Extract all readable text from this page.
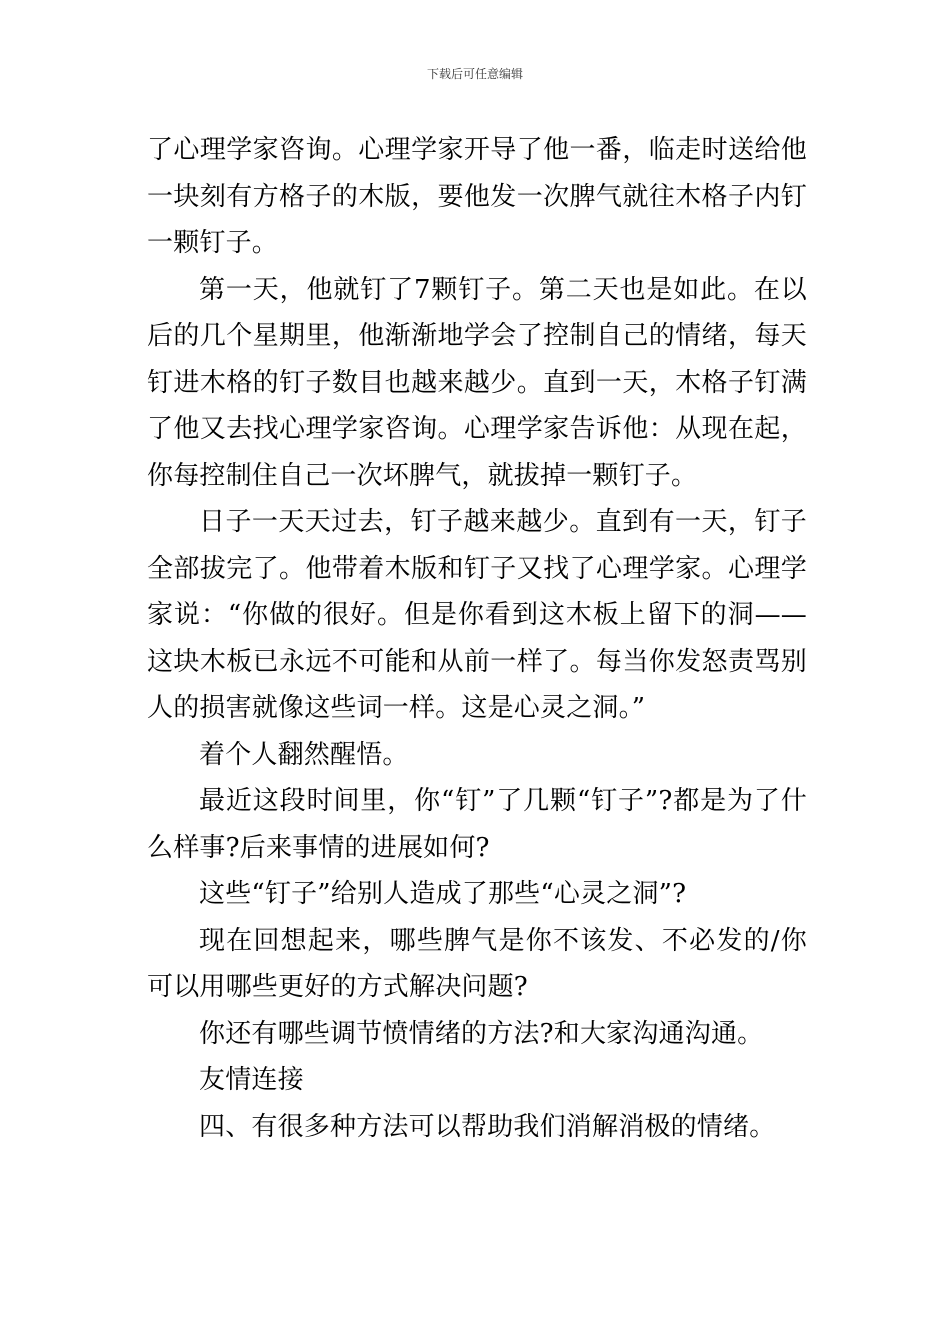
下载后可任意编辑

了心理学家咨询。心理学家开导了他一番，临走时送给他一块刻有方格子的木版，要他发一次脾气就往木格子内钉一颗钉子。

第一天，他就钉了7颗钉子。第二天也是如此。在以后的几个星期里，他渐渐地学会了控制自己的情绪，每天钉进木格的钉子数目也越来越少。直到一天，木格子钉满了他又去找心理学家咨询。心理学家告诉他：从现在起，你每控制住自己一次坏脾气，就拔掉一颗钉子。

日子一天天过去，钉子越来越少。直到有一天，钉子全部拔完了。他带着木版和钉子又找了心理学家。心理学家说：“你做的很好。但是你看到这木板上留下的洞——这块木板已永远不可能和从前一样了。每当你发怒责骂别人的损害就像这些词一样。这是心灵之洞。”

着个人翻然醒悟。

最近这段时间里，你“钉”了几颗“钉子”?都是为了什么样事?后来事情的进展如何?

这些“钉子”给别人造成了那些“心灵之洞”?

现在回想起来，哪些脾气是你不该发、不必发的/你可以用哪些更好的方式解决问题?

你还有哪些调节愤情绪的方法?和大家沟通沟通。

友情连接

四、有很多种方法可以帮助我们消解消极的情绪。
